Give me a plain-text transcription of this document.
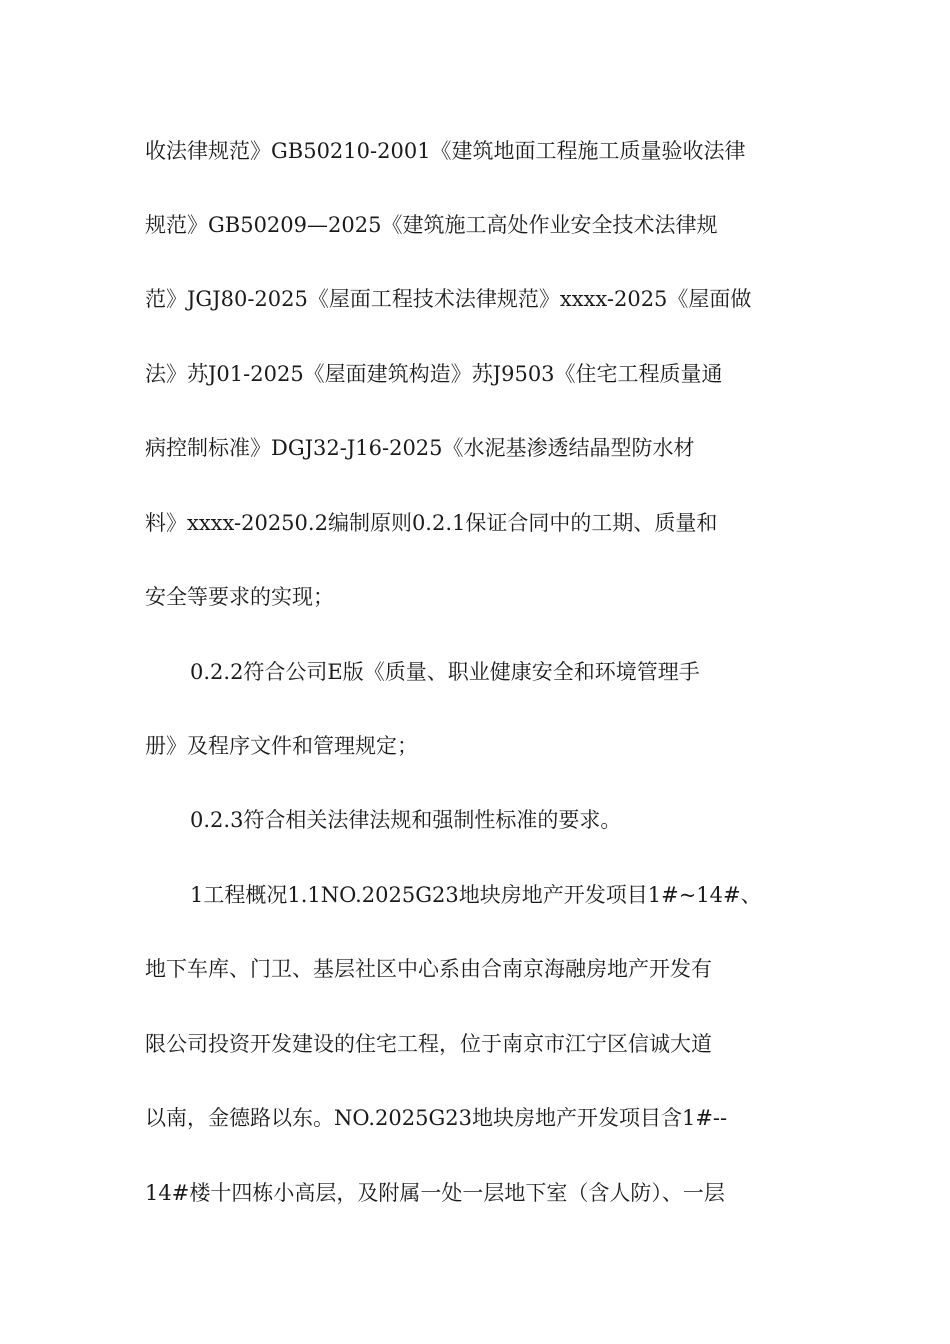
收法律规范》GB50210-2001《建筑地面工程施工质量验收法律
规范》GB50209—2025《建筑施工高处作业安全技术法律规
范》JGJ80-2025《屋面工程技术法律规范》xxxx-2025《屋面做
法》苏J01-2025《屋面建筑构造》苏J9503《住宅工程质量通
病控制标准》DGJ32-J16-2025《水泥基渗透结晶型防水材
料》xxxx-20250.2编制原则0.2.1保证合同中的工期、质量和
安全等要求的实现；
0.2.2符合公司E版《质量、职业健康安全和环境管理手
册》及程序文件和管理规定；
0.2.3符合相关法律法规和强制性标准的要求。
1工程概况1.1NO.2025G23地块房地产开发项目1#~14#、
地下车库、门卫、基层社区中心系由合南京海融房地产开发有
限公司投资开发建设的住宅工程，位于南京市江宁区信诚大道
以南，金德路以东。NO.2025G23地块房地产开发项目含1#--
14#楼十四栋小高层，及附属一处一层地下室（含人防）、一层
